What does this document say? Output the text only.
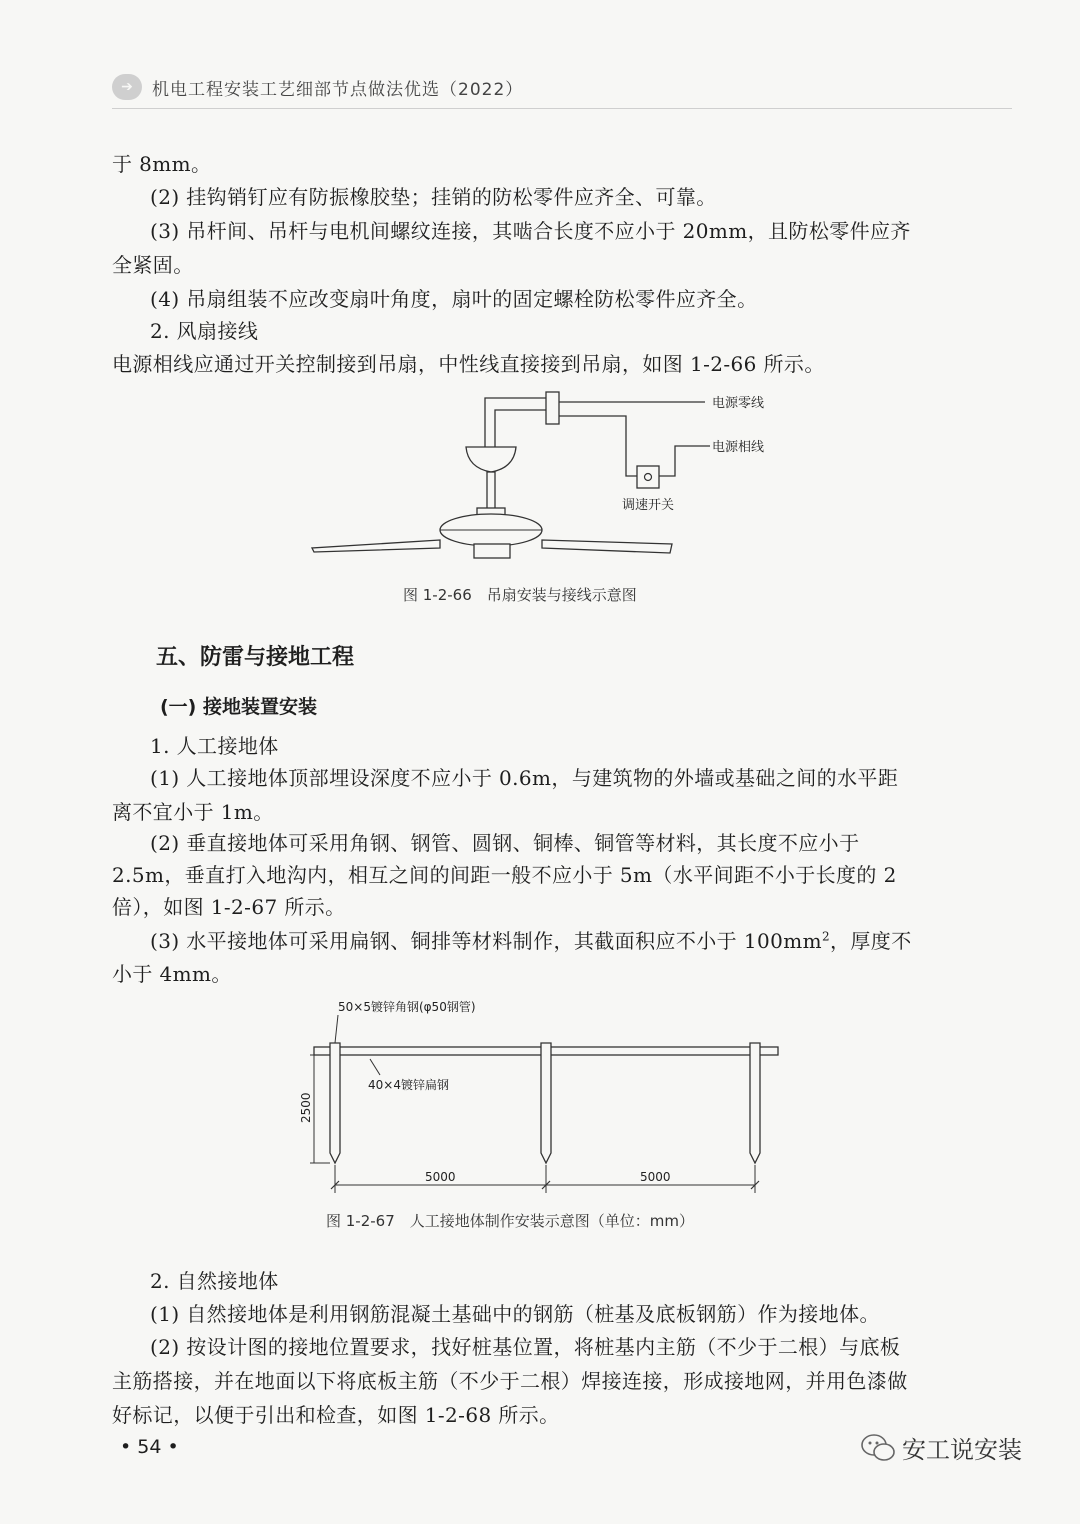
➔	机电工程安装工艺细部节点做法优选（2022）
于 8mm。
(2) 挂钩销钉应有防振橡胶垫；挂销的防松零件应齐全、可靠。
(3) 吊杆间、吊杆与电机间螺纹连接，其啮合长度不应小于 20mm，且防松零件应齐
全紧固。
(4) 吊扇组装不应改变扇叶角度，扇叶的固定螺栓防松零件应齐全。
2. 风扇接线
电源相线应通过开关控制接到吊扇，中性线直接接到吊扇，如图 1-2-66 所示。
电源零线
电源相线
调速开关
图 1-2-66　吊扇安装与接线示意图
五、防雷与接地工程
(一) 接地装置安装
1. 人工接地体
(1) 人工接地体顶部埋设深度不应小于 0.6m，与建筑物的外墙或基础之间的水平距
离不宜小于 1m。
(2) 垂直接地体可采用角钢、钢管、圆钢、铜棒、铜管等材料，其长度不应小于
2.5m，垂直打入地沟内，相互之间的间距一般不应小于 5m（水平间距不小于长度的 2
倍），如图 1-2-67 所示。
(3) 水平接地体可采用扁钢、铜排等材料制作，其截面积应不小于 $100mm^2$，厚度不
小于 4mm。
50×5镀锌角钢(φ50钢管)
40×4镀锌扁钢
2500
5000	5000
图 1-2-67　人工接地体制作安装示意图（单位：mm）
2. 自然接地体
(1) 自然接地体是利用钢筋混凝土基础中的钢筋（桩基及底板钢筋）作为接地体。
(2) 按设计图的接地位置要求，找好桩基位置，将桩基内主筋（不少于二根）与底板
主筋搭接，并在地面以下将底板主筋（不少于二根）焊接连接，形成接地网，并用色漆做
好标记，以便于引出和检查，如图 1-2-68 所示。
• 54 •	安工说安装
